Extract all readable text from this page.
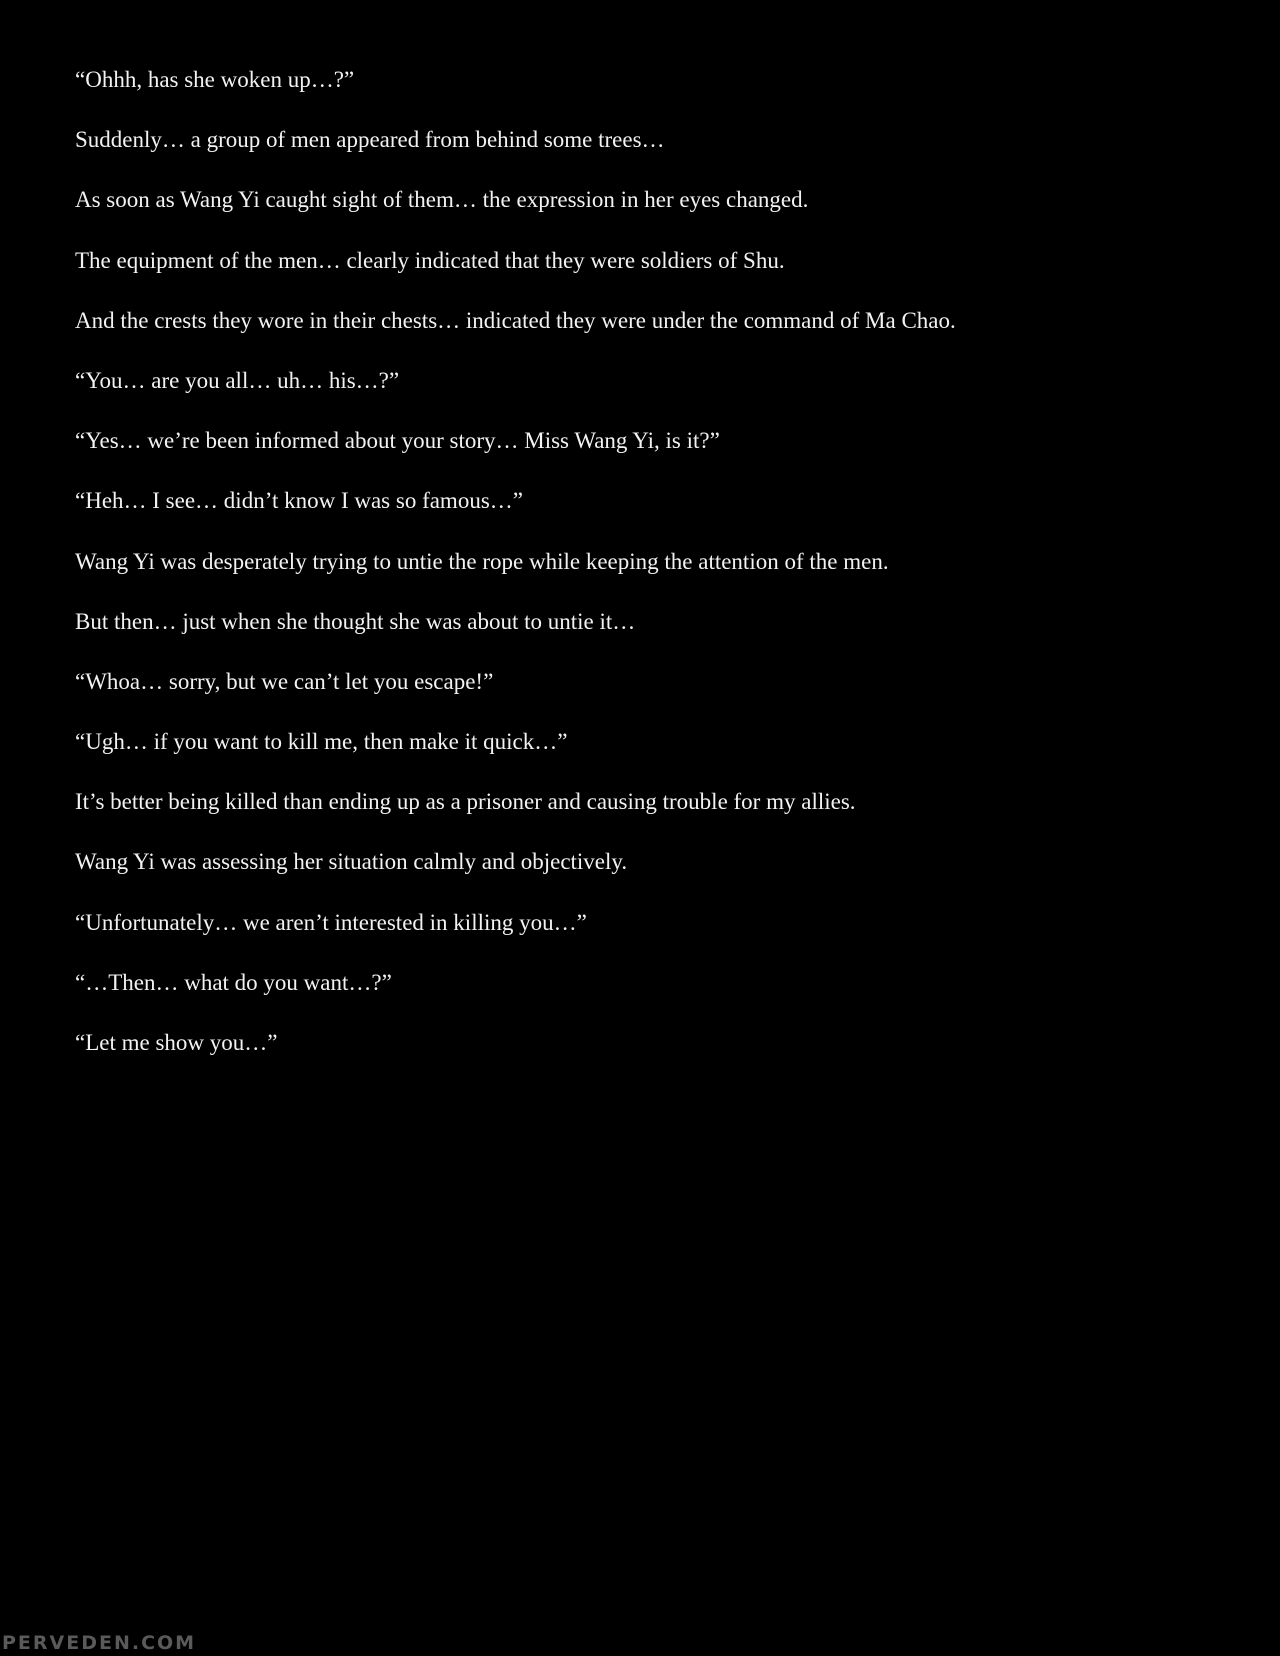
“Ohhh, has she woken up…?”

Suddenly… a group of men appeared from behind some trees…

As soon as Wang Yi caught sight of them… the expression in her eyes changed.

The equipment of the men… clearly indicated that they were soldiers of Shu.

And the crests they wore in their chests… indicated they were under the command of Ma Chao.

“You… are you all… uh… his…?”

“Yes… we’re been informed about your story… Miss Wang Yi, is it?”

“Heh… I see… didn’t know I was so famous…”

Wang Yi was desperately trying to untie the rope while keeping the attention of the men.

But then… just when she thought she was about to untie it…

“Whoa… sorry, but we can’t let you escape!”

“Ugh… if you want to kill me, then make it quick…”

It’s better being killed than ending up as a prisoner and causing trouble for my allies.

Wang Yi was assessing her situation calmly and objectively.

“Unfortunately… we aren’t interested in killing you…”

“…Then… what do you want…?”

“Let me show you…”

PERVEDEN.COM
